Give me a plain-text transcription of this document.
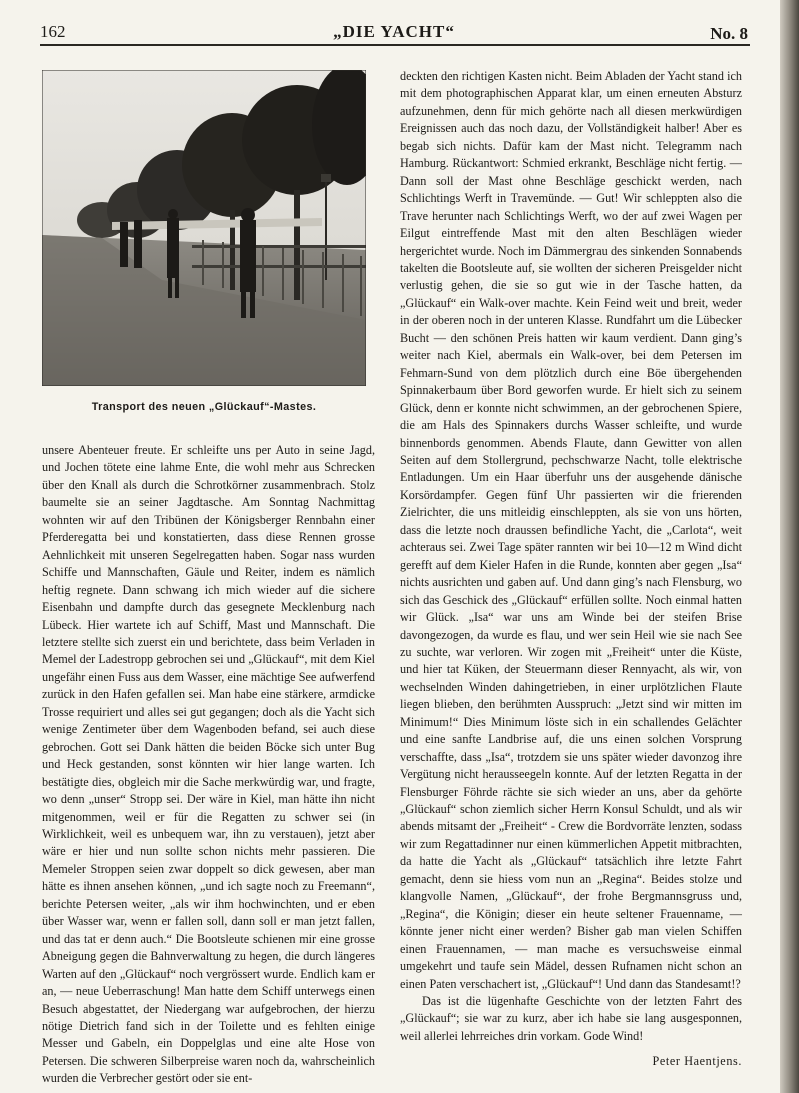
162	„DIE YACHT“	No. 8
Transport des neuen „Glückauf“-Mastes.

unsere Abenteuer freute. Er schleifte uns per Auto in seine Jagd, und Jochen tötete eine lahme Ente, die wohl mehr aus Schrecken über den Knall als durch die Schrotkörner zusammenbrach. Stolz baumelte sie an seiner Jagdtasche. Am Sonntag Nachmittag wohnten wir auf den Tribünen der Königsberger Rennbahn einer Pferderegatta bei und konstatierten, dass diese Rennen grosse Aehnlichkeit mit unseren Segelregatten haben. Sogar nass wurden Schiffe und Mannschaften, Gäule und Reiter, indem es nämlich heftig regnete. Dann schwang ich mich wieder auf die sichere Eisenbahn und dampfte durch das gesegnete Mecklenburg nach Lübeck. Hier wartete ich auf Schiff, Mast und Mannschaft. Die letztere stellte sich zuerst ein und berichtete, dass beim Verladen in Memel der Ladestropp gebrochen sei und „Glückauf“, mit dem Kiel ungefähr einen Fuss aus dem Wasser, eine mächtige See aufwerfend zurück in den Hafen gefallen sei. Man habe eine stärkere, armdicke Trosse requiriert und alles sei gut gegangen; doch als die Yacht sich wenige Zentimeter über dem Wagenboden befand, sei auch diese gebrochen. Gott sei Dank hätten die beiden Böcke sich unter Bug und Heck gestanden, sonst könnten wir hier lange warten. Ich bestätigte dies, obgleich mir die Sache merkwürdig war, und fragte, wo denn „unser“ Stropp sei. Der wäre in Kiel, man hätte ihn nicht mitgenommen, weil er für die Regatten zu schwer sei (in Wirklichkeit, weil es unbequem war, ihn zu verstauen), jetzt aber wäre er hier und nun sollte schon nichts mehr passieren. Die Memeler Stroppen seien zwar doppelt so dick gewesen, aber man hätte es ihnen ansehen können, „und ich sagte noch zu Freemann“, berichte Petersen weiter, „als wir ihm hochwinchten, und er eben über Wasser war, wenn er fallen soll, dann soll er man jetzt fallen, und das tat er denn auch.“ Die Bootsleute schienen mir eine grosse Abneigung gegen die Bahnverwaltung zu hegen, die durch längeres Warten auf den „Glückauf“ noch vergrössert wurde. Endlich kam er an, — neue Ueberraschung! Man hatte dem Schiff unterwegs einen Besuch abgestattet, der Niedergang war aufgebrochen, der hierzu nötige Dietrich fand sich in der Toilette und es fehlten einige Messer und Gabeln, ein Doppelglas und eine alte Hose von Petersen. Die schweren Silberpreise waren noch da, wahrscheinlich wurden die Verbrecher gestört oder sie ent-

deckten den richtigen Kasten nicht. Beim Abladen der Yacht stand ich mit dem photographischen Apparat klar, um einen erneuten Absturz aufzunehmen, denn für mich gehörte nach all diesen merkwürdigen Ereignissen auch das noch dazu, der Vollständigkeit halber! Aber es begab sich nichts. Dafür kam der Mast nicht. Telegramm nach Hamburg. Rückantwort: Schmied erkrankt, Beschläge nicht fertig. — Dann soll der Mast ohne Beschläge geschickt werden, nach Schlichtings Werft in Travemünde. — Gut! Wir schleppten also die Trave herunter nach Schlichtings Werft, wo der auf zwei Wagen per Eilgut eintreffende Mast mit den alten Beschlägen wieder hergerichtet wurde. Noch im Dämmergrau des sinkenden Sonnabends takelten die Bootsleute auf, sie wollten der sicheren Preisgelder nicht verlustig gehen, die sie so gut wie in der Tasche hatten, da „Glückauf“ ein Walk-over machte. Kein Feind weit und breit, weder in der oberen noch in der unteren Klasse. Rundfahrt um die Lübecker Bucht — den schönen Preis hatten wir kaum verdient. Dann ging’s weiter nach Kiel, abermals ein Walk-over, bei dem Petersen im Fehmarn-Sund von dem plötzlich durch eine Böe übergehenden Spinnakerbaum über Bord geworfen wurde. Er hielt sich zu seinem Glück, denn er konnte nicht schwimmen, an der gebrochenen Spiere, die am Hals des Spinnakers durchs Wasser schleifte, und wurde binnenbords genommen. Abends Flaute, dann Gewitter von allen Seiten auf dem Stollergrund, pechschwarze Nacht, tolle elektrische Entladungen. Um ein Haar überfuhr uns der ausgehende dänische Korsördampfer. Gegen fünf Uhr passierten wir die frierenden Zielrichter, die uns mitleidig einschleppten, als sie von uns hörten, dass die letzte noch draussen befindliche Yacht, die „Carlota“, weit achteraus sei. Zwei Tage später rannten wir bei 10—12 m Wind dicht gerefft auf dem Kieler Hafen in die Runde, konnten aber gegen „Isa“ nichts ausrichten und gaben auf. Und dann ging’s nach Flensburg, wo sich das Geschick des „Glückauf“ erfüllen sollte. Noch einmal hatten wir Glück. „Isa“ war uns am Winde bei der steifen Brise davongezogen, da wurde es flau, und wer sein Heil wie sie nach See zu suchte, war verloren. Wir zogen mit „Freiheit“ unter die Küste, und hier tat Küken, der Steuermann dieser Rennyacht, als wir, von wechselnden Winden dahingetrieben, in einer urplötzlichen Flaute liegen blieben, den berühmten Ausspruch: „Jetzt sind wir mitten im Minimum!“ Dies Minimum löste sich in ein schallendes Gelächter und eine sanfte Landbrise auf, die uns einen solchen Vorsprung verschaffte, dass „Isa“, trotzdem sie uns später wieder davonzog ihre Vergütung nicht herausseegeln konnte. Auf der letzten Regatta in der Flensburger Föhrde rächte sie sich wieder an uns, aber da gehörte „Glückauf“ schon ziemlich sicher Herrn Konsul Schuldt, und als wir abends mitsamt der „Freiheit“ - Crew die Bordvorräte lenzten, sodass wir zum Regattadinner nur einen kümmerlichen Appetit mitbrachten, da hatte die Yacht als „Glückauf“ tatsächlich ihre letzte Fahrt gemacht, denn sie hiess vom nun an „Regina“. Beides stolze und klangvolle Namen, „Glückauf“, der frohe Bergmannsgruss und, „Regina“, die Königin; dieser ein heute seltener Frauenname, — könnte jener nicht einer werden? Bisher gab man vielen Schiffen einen Frauennamen, — man mache es versuchsweise einmal umgekehrt und taufe sein Mädel, dessen Rufnamen nicht schon an einen Paten verschachert ist, „Glückauf“! Und dann das Standesamt!?

Das ist die lügenhafte Geschichte von der letzten Fahrt des „Glückauf“; sie war zu kurz, aber ich habe sie lang ausgesponnen, weil allerlei lehrreiches drin vorkam. Gode Wind!

Peter Haentjens.
